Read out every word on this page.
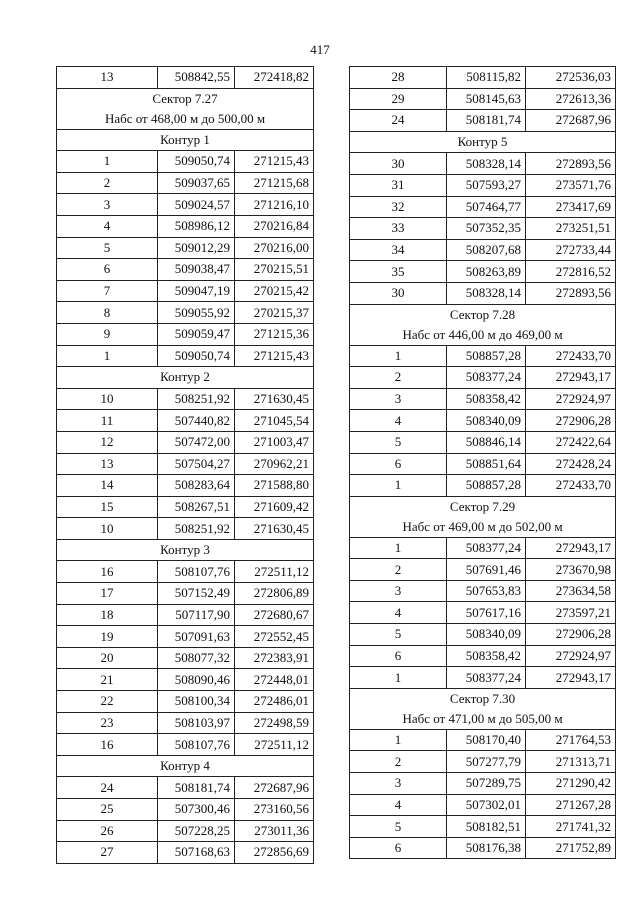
417
13	508842,55	272418,82

Сектор 7.27
Набс от 468,00 м до 500,00 м		

Контур 1		
1	509050,74	271215,43
2	509037,65	271215,68
3	509024,57	271216,10
4	508986,12	270216,84
5	509012,29	270216,00
6	509038,47	270215,51
7	509047,19	270215,42
8	509055,92	270215,37
9	509059,47	271215,36
1	509050,74	271215,43
Контур 2		
10	508251,92	271630,45
11	507440,82	271045,54
12	507472,00	271003,47
13	507504,27	270962,21
14	508283,64	271588,80
15	508267,51	271609,42
10	508251,92	271630,45
Контур 3		
16	508107,76	272511,12
17	507152,49	272806,89
18	507117,90	272680,67
19	507091,63	272552,45
20	508077,32	272383,91
21	508090,46	272448,01
22	508100,34	272486,01
23	508103,97	272498,59
16	508107,76	272511,12
Контур 4		
24	508181,74	272687,96
25	507300,46	273160,56
26	507228,25	273011,36
27	507168,63	272856,69
28	508115,82	272536,03
29	508145,63	272613,36
24	508181,74	272687,96
Контур 5		
30	508328,14	272893,56
31	507593,27	273571,76
32	507464,77	273417,69
33	507352,35	273251,51
34	508207,68	272733,44
35	508263,89	272816,52
30	508328,14	272893,56

Сектор 7.28
Набс от 446,00 м до 469,00 м		

1	508857,28	272433,70
2	508377,24	272943,17
3	508358,42	272924,97
4	508340,09	272906,28
5	508846,14	272422,64
6	508851,64	272428,24
1	508857,28	272433,70

Сектор 7.29
Набс от 469,00 м до 502,00 м		

1	508377,24	272943,17
2	507691,46	273670,98
3	507653,83	273634,58
4	507617,16	273597,21
5	508340,09	272906,28
6	508358,42	272924,97
1	508377,24	272943,17

Сектор 7.30
Набс от 471,00 м до 505,00 м		

1	508170,40	271764,53
2	507277,79	271313,71
3	507289,75	271290,42
4	507302,01	271267,28
5	508182,51	271741,32
6	508176,38	271752,89
